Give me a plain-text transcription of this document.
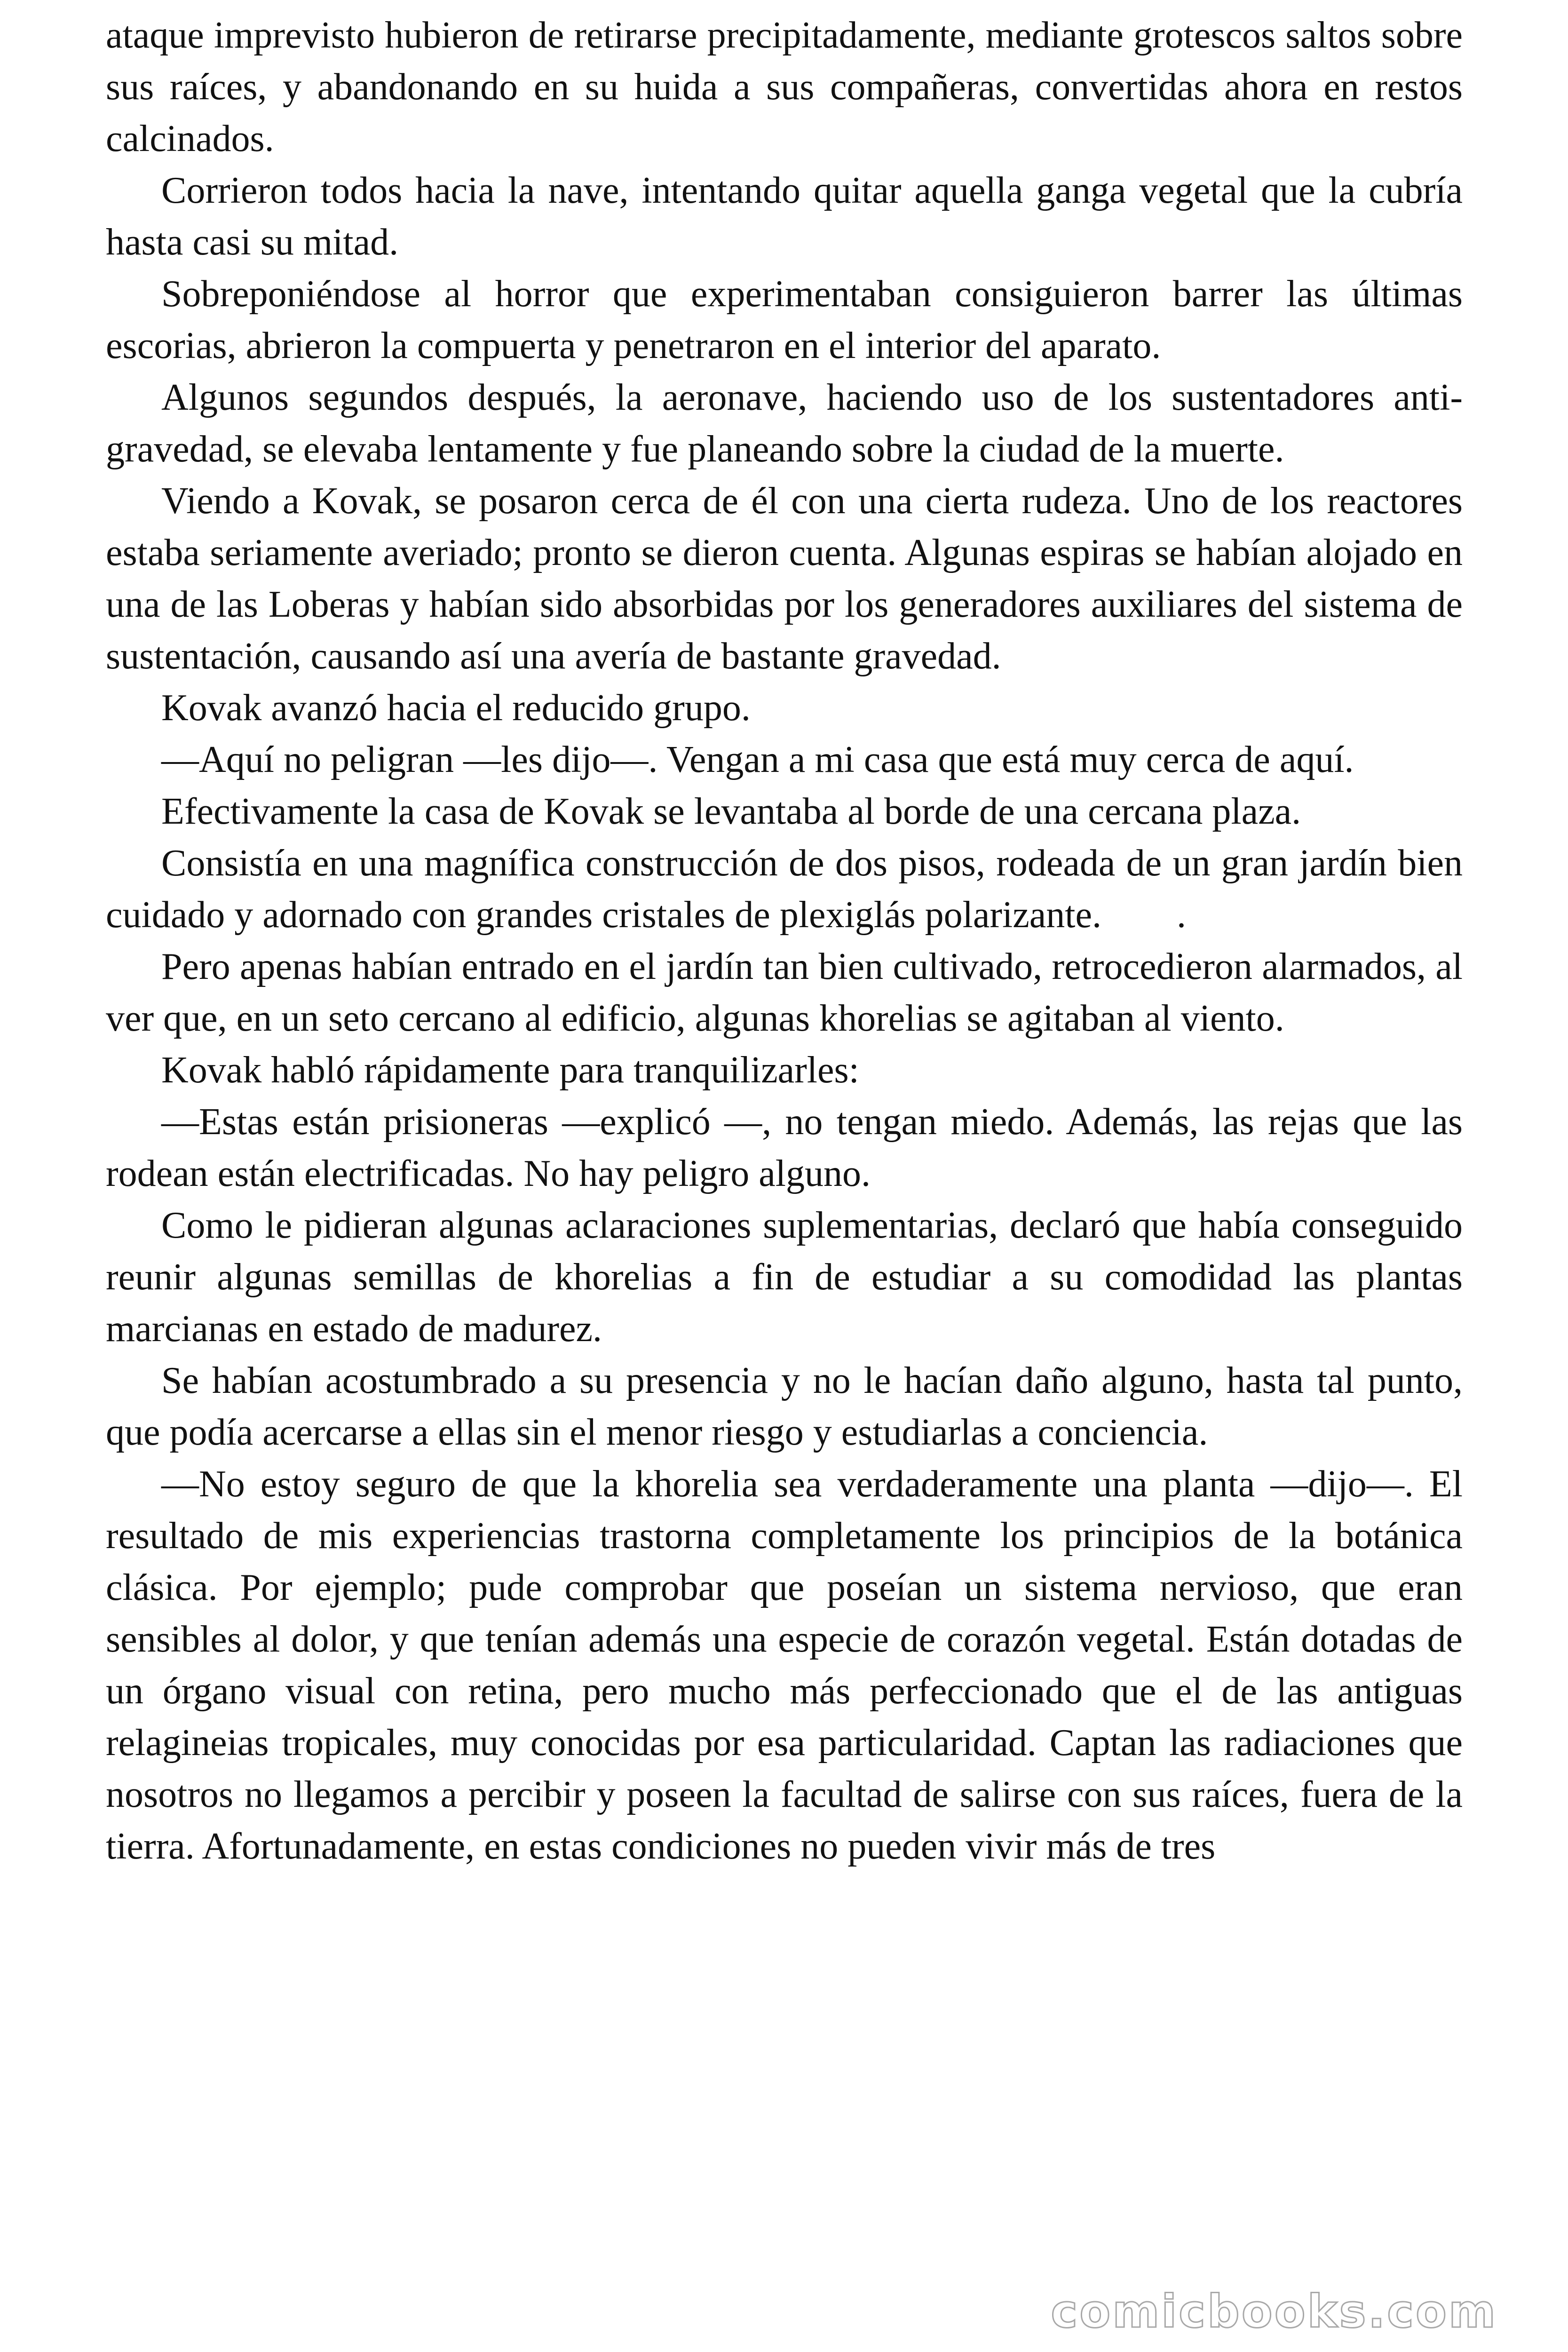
ataque imprevisto hubieron de retirarse precipitadamente, mediante grotescos saltos sobre sus raíces, y abandonando en su huida a sus compañeras, convertidas ahora en restos calcinados.

Corrieron todos hacia la nave, intentando quitar aquella ganga vegetal que la cubría hasta casi su mitad.

Sobreponiéndose al horror que experimentaban consiguieron barrer las últimas escorias, abrieron la compuerta y penetraron en el interior del aparato.

Algunos segundos después, la aeronave, haciendo uso de los sustentadores anti-gravedad, se elevaba lentamente y fue planeando sobre la ciudad de la muerte.

Viendo a Kovak, se posaron cerca de él con una cierta rudeza. Uno de los reactores estaba seriamente averiado; pronto se dieron cuenta. Algunas espiras se habían alojado en una de las Loberas y habían sido absorbidas por los generadores auxiliares del sistema de sustentación, causando así una avería de bastante gravedad.

Kovak avanzó hacia el reducido grupo.

—Aquí no peligran —les dijo—. Vengan a mi casa que está muy cerca de aquí.

Efectivamente la casa de Kovak se levantaba al borde de una cercana plaza.

Consistía en una magnífica construcción de dos pisos, rodeada de un gran jardín bien cuidado y adornado con grandes cristales de plexiglás polarizante.        .

Pero apenas habían entrado en el jardín tan bien cultivado, retrocedieron alarmados, al ver que, en un seto cercano al edificio, algunas khorelias se agitaban al viento.

Kovak habló rápidamente para tranquilizarles:

—Estas están prisioneras —explicó —, no tengan miedo. Además, las rejas que las rodean están electrificadas. No hay peligro alguno.

Como le pidieran algunas aclaraciones suplementarias, declaró que había conseguido reunir algunas semillas de khorelias a fin de estudiar a su comodidad las plantas marcianas en estado de madurez.

Se habían acostumbrado a su presencia y no le hacían daño alguno, hasta tal punto, que podía acercarse a ellas sin el menor riesgo y estudiarlas a conciencia.

—No estoy seguro de que la khorelia sea verdaderamente una planta —dijo—. El resultado de mis experiencias trastorna completamente los principios de la botánica clásica. Por ejemplo; pude comprobar que poseían un sistema nervioso, que eran sensibles al dolor, y que tenían además una especie de corazón vegetal. Están dotadas de un órgano visual con retina, pero mucho más perfeccionado que el de las antiguas relagineias tropicales, muy conocidas por esa particularidad. Captan las radiaciones que nosotros no llegamos a percibir y poseen la facultad de salirse con sus raíces, fuera de la tierra. Afortunadamente, en estas condiciones no pueden vivir más de tres

comicbooks.com
